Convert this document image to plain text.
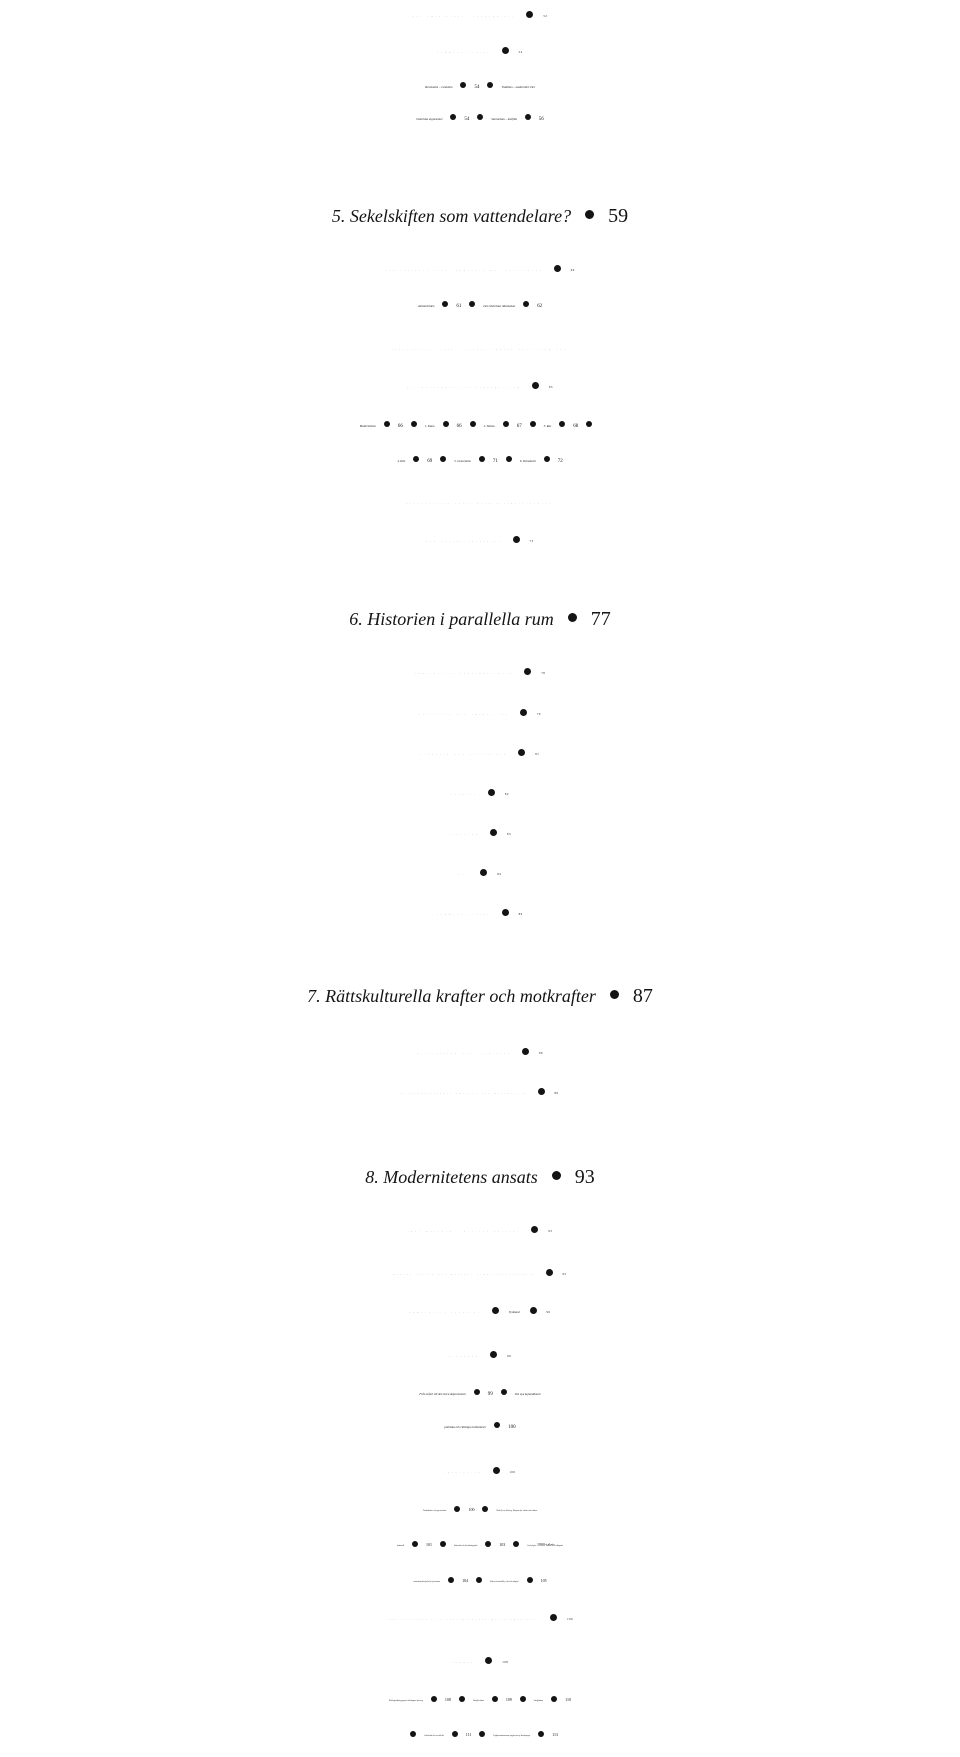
DET AMERIKANSKA ÅRHUNDRADET	52
SAMMANFATTNING	54
Revolution – evolution	54	Tradition – modernitet: Det
historiska argumentet	54	Samverkan – konflikt	56
5. Sekelskiften som vattendelare? 59
SEKELSKIFTET 1800: ROMANTIK MOT UPPLYSNING	60
Ateismstriden	61	Den historiska rättsskolan	62
SEKELSKIFTET 1900: INTERNATIONELL SOCIALISM OCH
NATIONALROMANTISK KONSERVATISM	63
Moderniteten	66	1. Klass	66	2. Nation	67	3. Ras	68
4. Kön	69	5. Generation	71	6. Demokrati	72
SEKELSKIFTET 2000: RETRADITIONALISERING
OCH DESEKULARISERING	73
6. Historien i parallella rum 77
KOMPARATIVA KONSTRUKTIONER	78
RECEPTION OCH IMPOSITION	79
LIKHETER OCH SKILLNADER	81
SVERIGE	82
TYSKLAND	83
USA	84
SAMMANFATTNING	86
7. Rättskulturella krafter och motkrafter 87
RÄTTIGHETER OCH INTRESSEN	89
RÄTTSKULTURERNAS KRAFTER OCH MOTKRAFTER	89
8. Modernitetens ansats 93
”DET MULLRAR I RÄTTENS KRATER”	93
MODERN TEKNIK OCH MODERNA SAMHÄLLSINGENJÖRER	95
KOMPARATIV ÖVERSIKT	Tyskland	96
BAKGRUND	99
Från eufori till den stora depressionen	99	Det nya kejsardömets
politiska och rättsliga institutioner	100
IDEOLOGIER	100
Pandektister och germanister	100	Rudolf von Jhering: Kampen för rätten och rättens
ändamål	101	Statsrätt och förvaltningsrätt	103	Sociologin: 1900-talets viktigaste
vetenskapsdisciplin för juristerna	104	Rätt och samhälle, rätt och religion	105
FÖRFATTNINGEN I EN ”TRIUMFERANDE MILITÄRMONARKI”	106
NORMER	108
Rikslagstiftning genom riksdagens försorg	108	Familjerätten	109	Straffrätten	110
Arbetsrätt och socialrätt	111	Lagkommentarerna speglar en ny kunskapsyn	113
